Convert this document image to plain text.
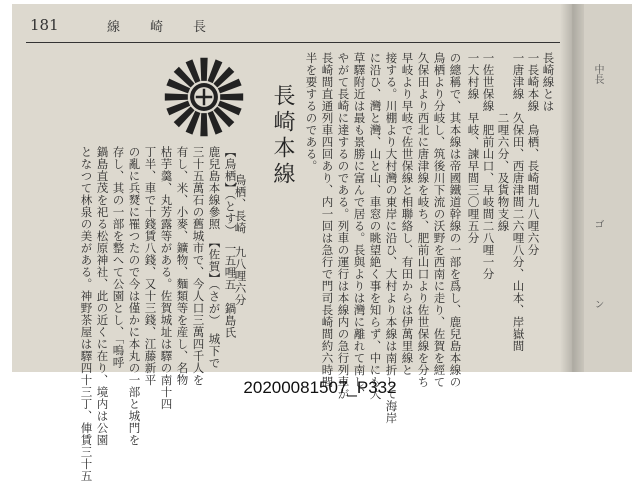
181	線崎長
長崎線とは
一長崎本線　鳥栖、長崎間九八哩六分
一唐津線　久保田、西唐津間二六哩八分、山本、岸嶽間
　　　　　二哩六分、及貨物支線
一佐世保線　肥前山口、早岐間二八哩一分
一大村線　早岐、諫早間三〇哩五分
の總稱で、其本線は帝國鐵道幹線の一部を爲し、鹿兒島本線の
鳥栖より分岐し、筑後川下流の沃野を西南に走り、佐賀を經て
久保田より西北に唐津線を岐ち、肥前山口より佐世保線を分ち
早岐より早岐で佐世保線と相聯絡し、有田からは伊萬里線と
接する。川棚より大村灣の東岸に沿ひ、大村より本線は南折して海岸
に沿ひ、灣と灣、山と山、車窓の眺望絶く事を知らず、中にも大
草驛附近は最も景勝に富んで居る。長與よりは灣に離れて南し、
やがて長崎に達するのである。列車の運行は本線内の急行列車が
長崎間直通列車四回あり、内一回は急行で門司長崎間約六時間
半を要するのである。
長崎本線
鳥栖、長崎　九八哩六分
【鳥栖】（とす）　一五哩五　鍋島氏
鹿兒島本線參照　【佐賀】（さが）　城下で
三十五萬石の舊城市で、今人口三萬四千人を
有し、米、小麥、鑛物、麵類等を産し、名物
枯芋羹、丸芳露等がある。佐賀城址は驛の南十四
丁半、車で十錢賃八錢、又十三錢、江藤新平
の亂に兵燹に罹つたので今は僅かに本丸の一部と城門を
存し、其の一部を整へて公園とし、「嗚呼
鍋島直茂を祀る松原神社、此の近くに在り、境内は公園
となつて林泉の美がある。神野茶屋は驛四十三丁、俥賃三十五
中長
ゴ
ン
20200081507_P332
